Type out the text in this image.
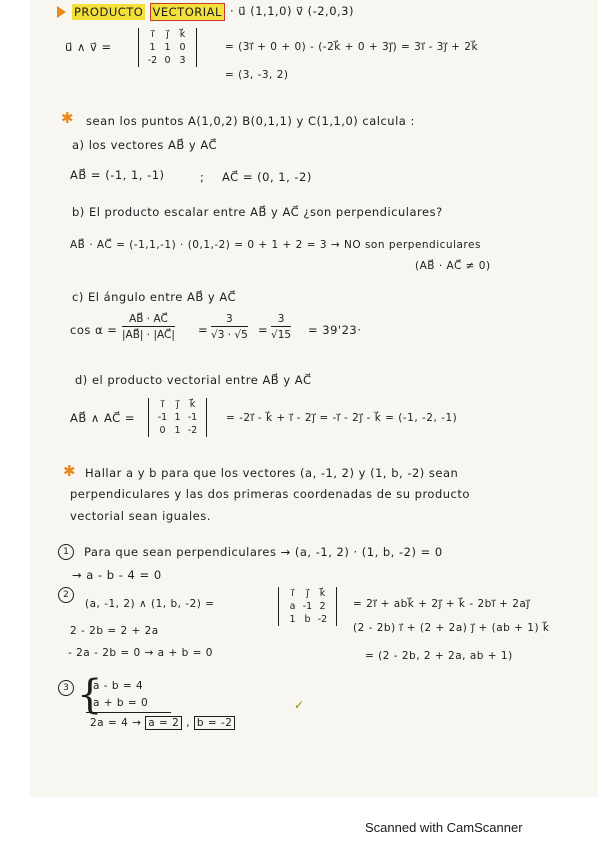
PRODUCTO VECTORIAL · u⃗ (1,1,0) v⃗ (-2,0,3)
u⃗ ∧ v⃗ =
i⃗	j⃗	k⃗
1	1	0
-2	0	3
= (3i⃗ + 0 + 0) - (-2k⃗ + 0 + 3j⃗) = 3i⃗ - 3j⃗ + 2k⃗
= (3, -3, 2)
✱ sean los puntos A(1,0,2) B(0,1,1) y C(1,1,0) calcula :
a) los vectores AB⃗ y AC⃗
AB⃗ = (-1, 1, -1)	; AC⃗ = (0, 1, -2)
b) El producto escalar entre AB⃗ y AC⃗ ¿son perpendiculares?
AB⃗ · AC⃗ = (-1,1,-1) · (0,1,-2) = 0 + 1 + 2 = 3 → NO son perpendiculares
(AB⃗ · AC⃗ ≠ 0)
c) El ángulo entre AB⃗ y AC⃗
$\cos \alpha = \frac{AB⃗ \cdot AC⃗}{|AB⃗| \cdot |AC⃗|} = \frac{3}{√3 \cdot √5} = \frac{3}{√15} = 39'23\cdot$
d) el producto vectorial entre AB⃗ y AC⃗
AB⃗ ∧ AC⃗ =
i⃗	j⃗	k⃗
-1	1	-1
0	1	-2
= -2i⃗ - k⃗ + i⃗ - 2j⃗ = -i⃗ - 2j⃗ - k⃗ = (-1, -2, -1)
✱ Hallar a y b para que los vectores (a, -1, 2) y (1, b, -2) sean
perpendiculares y las dos primeras coordenadas de su producto
vectorial sean iguales.
1	Para que sean perpendiculares → (a, -1, 2) · (1, b, -2) = 0
→ a - b - 4 = 0
2
(a, -1, 2) ∧ (1, b, -2) =
i⃗	j⃗	k⃗
a	-1	2
1	b	-2
= 2i⃗ + abk⃗ + 2j⃗ + k⃗ - 2bi⃗ + 2aj⃗
(2 - 2b) i⃗ + (2 + 2a) j⃗ + (ab + 1) k⃗
= (2 - 2b, 2 + 2a, ab + 1)
2 - 2b = 2 + 2a
- 2a - 2b = 0 → a + b = 0
3 {
a - b = 4
a + b = 0
2a = 4 → a = 2 , b = -2
✓
Scanned with CamScanner
